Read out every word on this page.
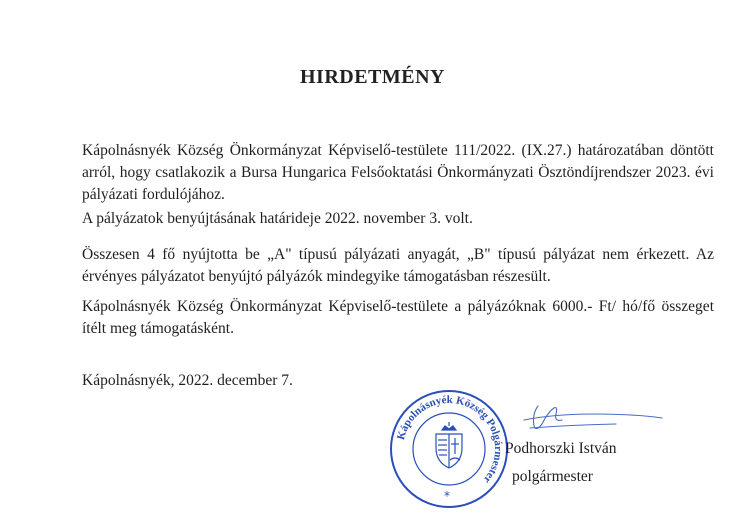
HIRDETMÉNY

Kápolnásnyék Község Önkormányzat Képviselő-testülete 111/2022. (IX.27.) határozatában döntött arról, hogy csatlakozik a Bursa Hungarica Felsőoktatási Önkormányzati Ösztöndíjrendszer 2023. évi pályázati fordulójához.

A pályázatok benyújtásának határideje 2022. november 3. volt.

Összesen 4 fő nyújtotta be „A" típusú pályázati anyagát, „B" típusú pályázat nem érkezett. Az érvényes pályázatot benyújtó pályázók mindegyike támogatásban részesült.

Kápolnásnyék Község Önkormányzat Képviselő-testülete a pályázóknak 6000.- Ft/ hó/fő összeget ítélt meg támogatásként.

Kápolnásnyék, 2022. december 7.
Kápolnásnyék Község Polgármester
*
Podhorszki István
polgármester
